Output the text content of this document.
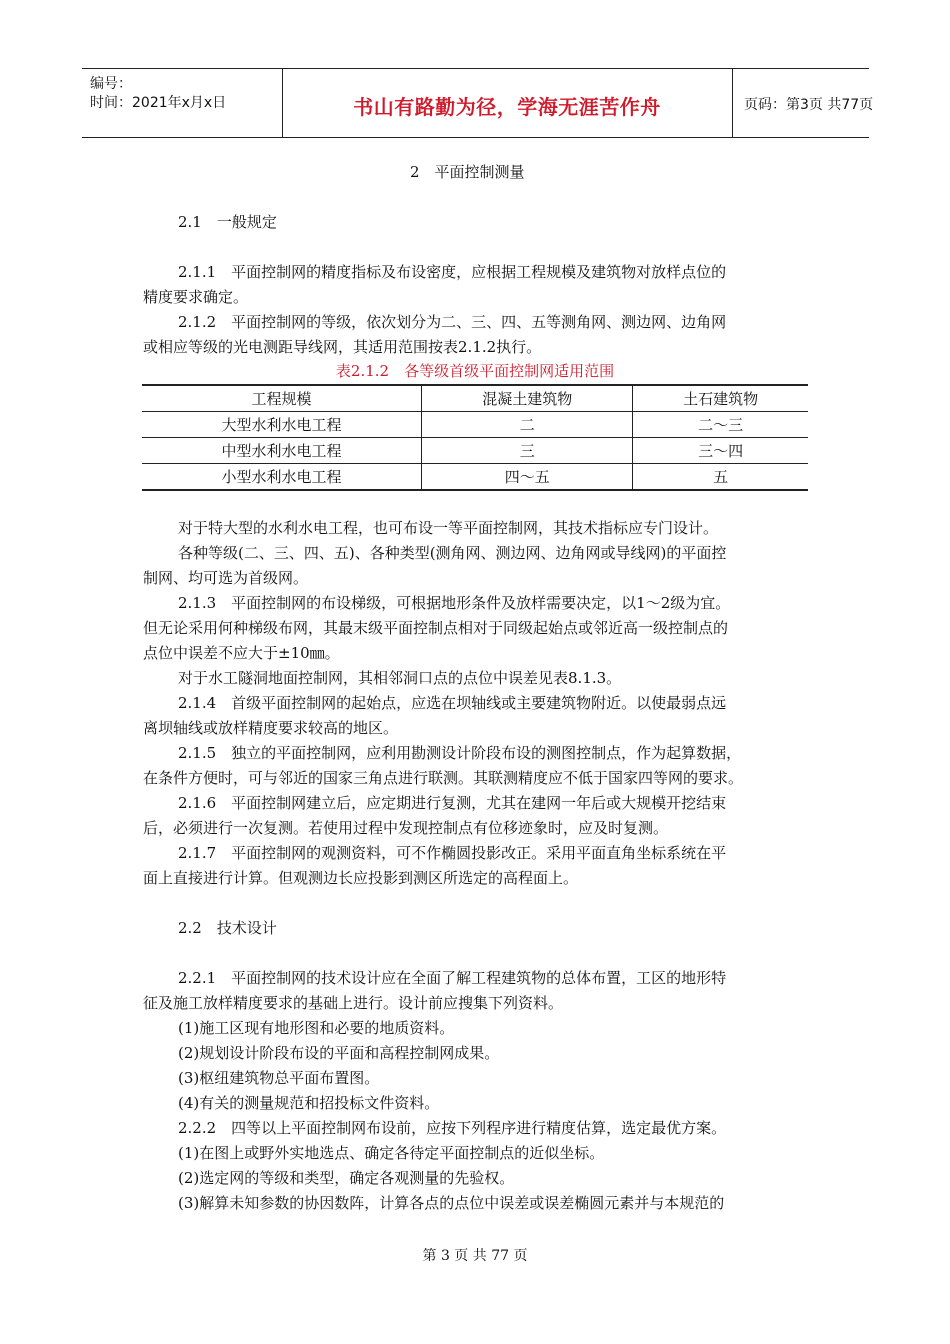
编号：
时间：2021年x月x日	书山有路勤为径，学海无涯苦作舟	页码：第3页 共77页
2　平面控制测量
2.1　一般规定
2.1.1　平面控制网的精度指标及布设密度，应根据工程规模及建筑物对放样点位的
精度要求确定。
2.1.2　平面控制网的等级，依次划分为二、三、四、五等测角网、测边网、边角网
或相应等级的光电测距导线网，其适用范围按表2.1.2执行。
表2.1.2　各等级首级平面控制网适用范围
工程规模	混凝土建筑物	土石建筑物
大型水利水电工程	二	二～三
中型水利水电工程	三	三～四
小型水利水电工程	四～五	五
对于特大型的水利水电工程，也可布设一等平面控制网，其技术指标应专门设计。
各种等级(二、三、四、五)、各种类型(测角网、测边网、边角网或导线网)的平面控
制网、均可选为首级网。
2.1.3　平面控制网的布设梯级，可根据地形条件及放样需要决定，以1～2级为宜。
但无论采用何种梯级布网，其最末级平面控制点相对于同级起始点或邻近高一级控制点的
点位中误差不应大于±10㎜。
对于水工隧洞地面控制网，其相邻洞口点的点位中误差见表8.1.3。
2.1.4　首级平面控制网的起始点，应选在坝轴线或主要建筑物附近。以使最弱点远
离坝轴线或放样精度要求较高的地区。
2.1.5　独立的平面控制网，应利用勘测设计阶段布设的测图控制点，作为起算数据，
在条件方便时，可与邻近的国家三角点进行联测。其联测精度应不低于国家四等网的要求。
2.1.6　平面控制网建立后，应定期进行复测，尤其在建网一年后或大规模开挖结束
后，必须进行一次复测。若使用过程中发现控制点有位移迹象时，应及时复测。
2.1.7　平面控制网的观测资料，可不作椭圆投影改正。采用平面直角坐标系统在平
面上直接进行计算。但观测边长应投影到测区所选定的高程面上。
2.2　技术设计
2.2.1　平面控制网的技术设计应在全面了解工程建筑物的总体布置，工区的地形特
征及施工放样精度要求的基础上进行。设计前应搜集下列资料。
(1)施工区现有地形图和必要的地质资料。
(2)规划设计阶段布设的平面和高程控制网成果。
(3)枢纽建筑物总平面布置图。
(4)有关的测量规范和招投标文件资料。
2.2.2　四等以上平面控制网布设前，应按下列程序进行精度估算，选定最优方案。
(1)在图上或野外实地选点、确定各待定平面控制点的近似坐标。
(2)选定网的等级和类型，确定各观测量的先验权。
(3)解算未知参数的协因数阵，计算各点的点位中误差或误差椭圆元素并与本规范的
第 3 页 共 77 页
